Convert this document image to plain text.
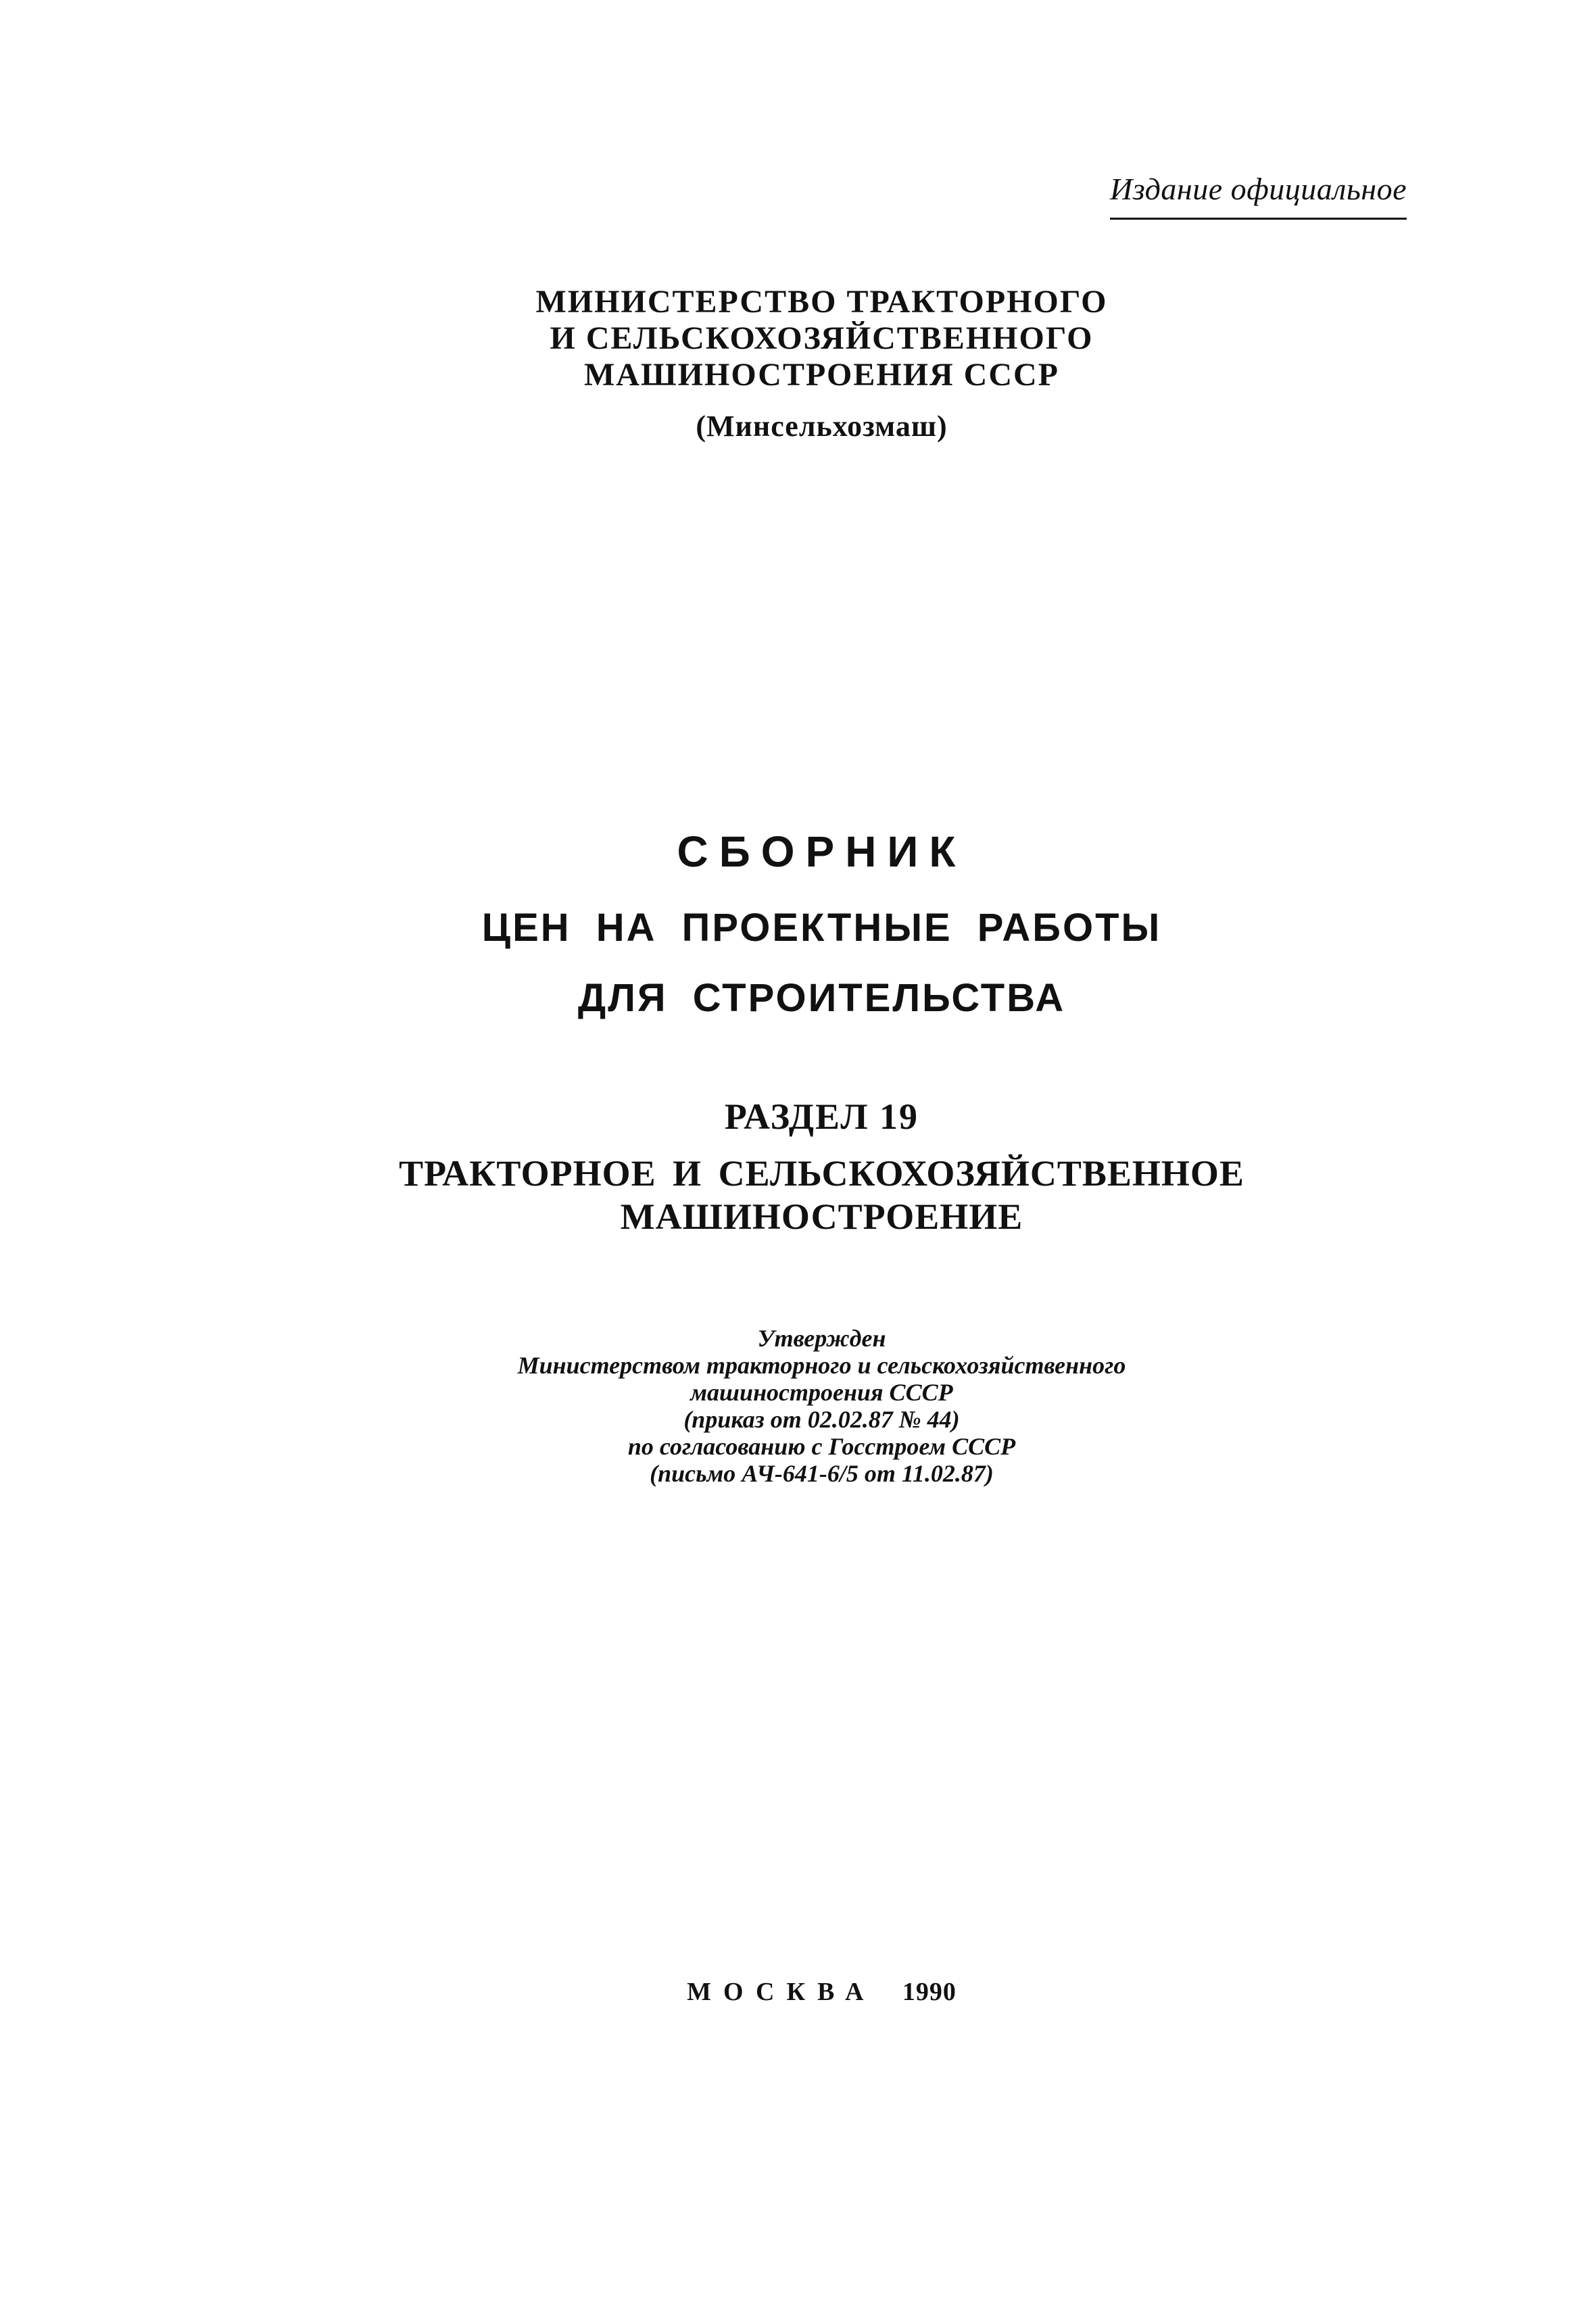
Издание официальное
МИНИСТЕРСТВО ТРАКТОРНОГО
И СЕЛЬСКОХОЗЯЙСТВЕННОГО
МАШИНОСТРОЕНИЯ СССР
(Минсельхозмаш)
СБОРНИК
ЦЕН НА ПРОЕКТНЫЕ РАБОТЫ
ДЛЯ СТРОИТЕЛЬСТВА
РАЗДЕЛ 19
ТРАКТОРНОЕ И СЕЛЬСКОХОЗЯЙСТВЕННОЕ
МАШИНОСТРОЕНИЕ
Утвержден
Министерством тракторного и сельскохозяйственного
машиностроения СССР
(приказ от 02.02.87 № 44)
по согласованию с Госстроем СССР
(письмо АЧ-641-6/5 от 11.02.87)
МОСКВА 1990
